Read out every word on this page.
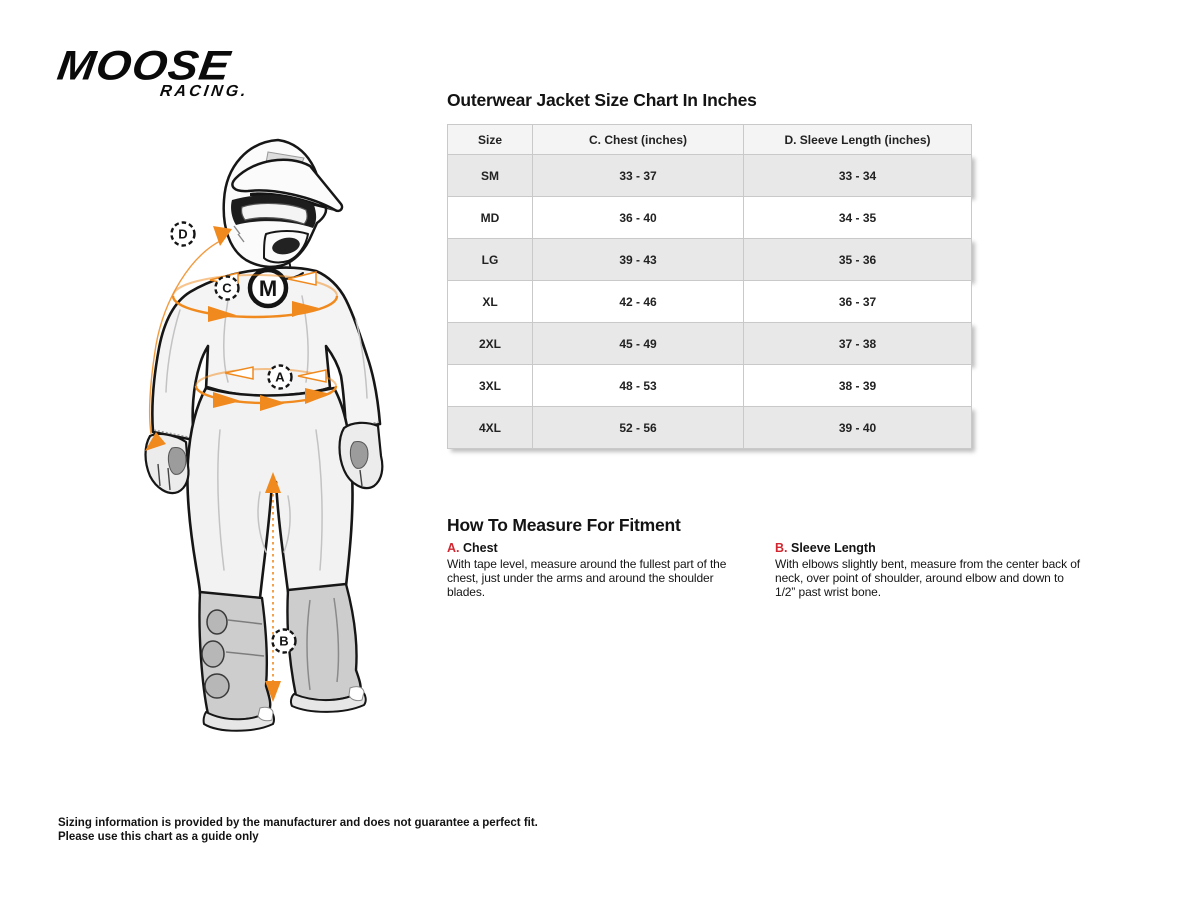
MOOSE
RACING.	Outerwear Jacket Size Chart In Inches
Size	C. Chest (inches)	D. Sleeve Length (inches)
SM	33 - 37	33 - 34
MD	36 - 40	34 - 35
LG	39 - 43	35 - 36
XL	42 - 46	36 - 37
2XL	45 - 49	37 - 38
3XL	48 - 53	38 - 39
4XL	52 - 56	39 - 40
How To Measure For Fitment
A. Chest
With tape level, measure around the fullest part of the chest, just under the arms and around the shoulder blades.
B. Sleeve Length
With elbows slightly bent, measure from the center back of neck, over point of shoulder, around elbow and down to 1/2” past wrist bone.
Sizing information is provided by the manufacturer and does not guarantee a perfect fit.
Please use this chart as a guide only
M
D
C
A
B
